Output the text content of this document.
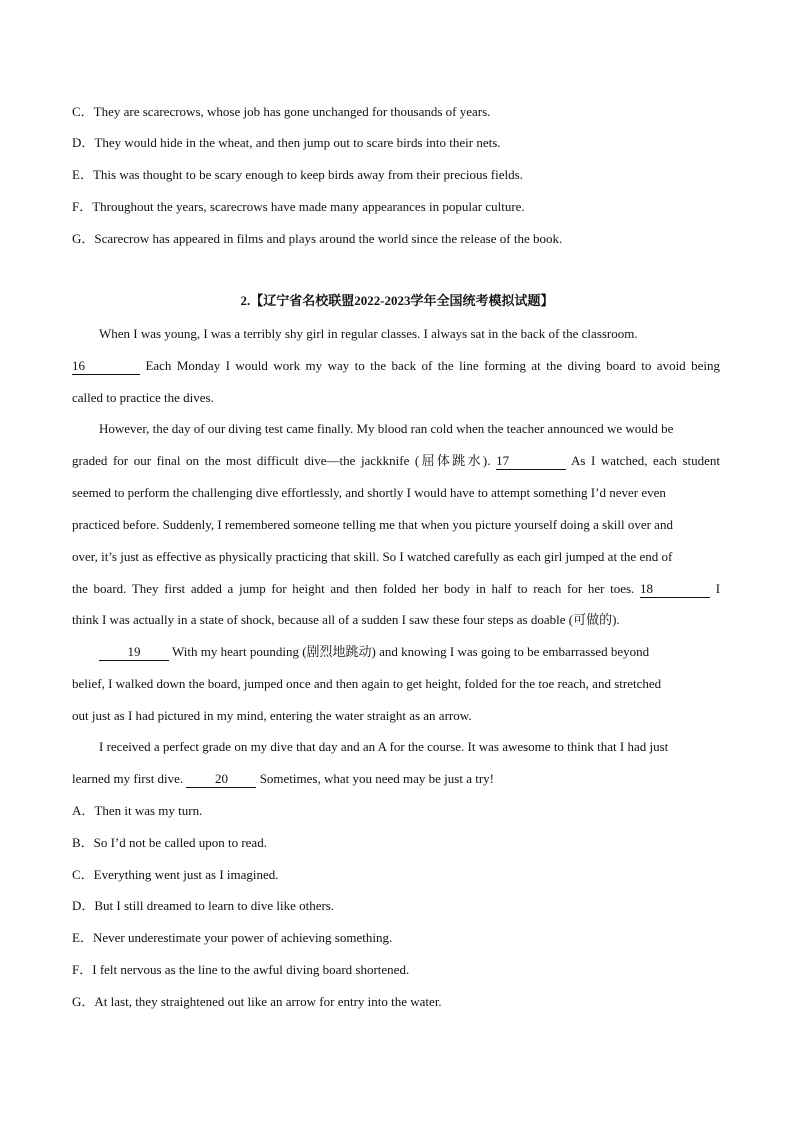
C．They are scarecrows, whose job has gone unchanged for thousands of years.
D．They would hide in the wheat, and then jump out to scare birds into their nets.
E．This was thought to be scary enough to keep birds away from their precious fields.
F．Throughout the years, scarecrows have made many appearances in popular culture.
G．Scarecrow has appeared in films and plays around the world since the release of the book.
2.【辽宁省名校联盟2022-2023学年全国统考模拟试题】
When I was young, I was a terribly shy girl in regular classes. I always sat in the back of the classroom.
16	Each Monday I would work my way to the back of the line forming at the diving board to avoid being
called to practice the dives.
However, the day of our diving test came finally. My blood ran cold when the teacher announced we would be
graded for our final on the most difficult dive—the jackknife (屈体跳水). 17	As I watched, each student
seemed to perform the challenging dive effortlessly, and shortly I would have to attempt something I’d never even
practiced before. Suddenly, I remembered someone telling me that when you picture yourself doing a skill over and
over, it’s just as effective as physically practicing that skill. So I watched carefully as each girl jumped at the end of
the board. They first added a jump for height and then folded her body in half to reach for her toes. 18	I
think I was actually in a state of shock, because all of a sudden I saw these four steps as doable (可做的).
19 With my heart pounding (剧烈地跳动) and knowing I was going to be embarrassed beyond
belief, I walked down the board, jumped once and then again to get height, folded for the toe reach, and stretched
out just as I had pictured in my mind, entering the water straight as an arrow.
I received a perfect grade on my dive that day and an A for the course. It was awesome to think that I had just
learned my first dive. 20 Sometimes, what you need may be just a try!
A．Then it was my turn.
B．So I’d not be called upon to read.
C．Everything went just as I imagined.
D．But I still dreamed to learn to dive like others.
E．Never underestimate your power of achieving something.
F．I felt nervous as the line to the awful diving board shortened.
G．At last, they straightened out like an arrow for entry into the water.
